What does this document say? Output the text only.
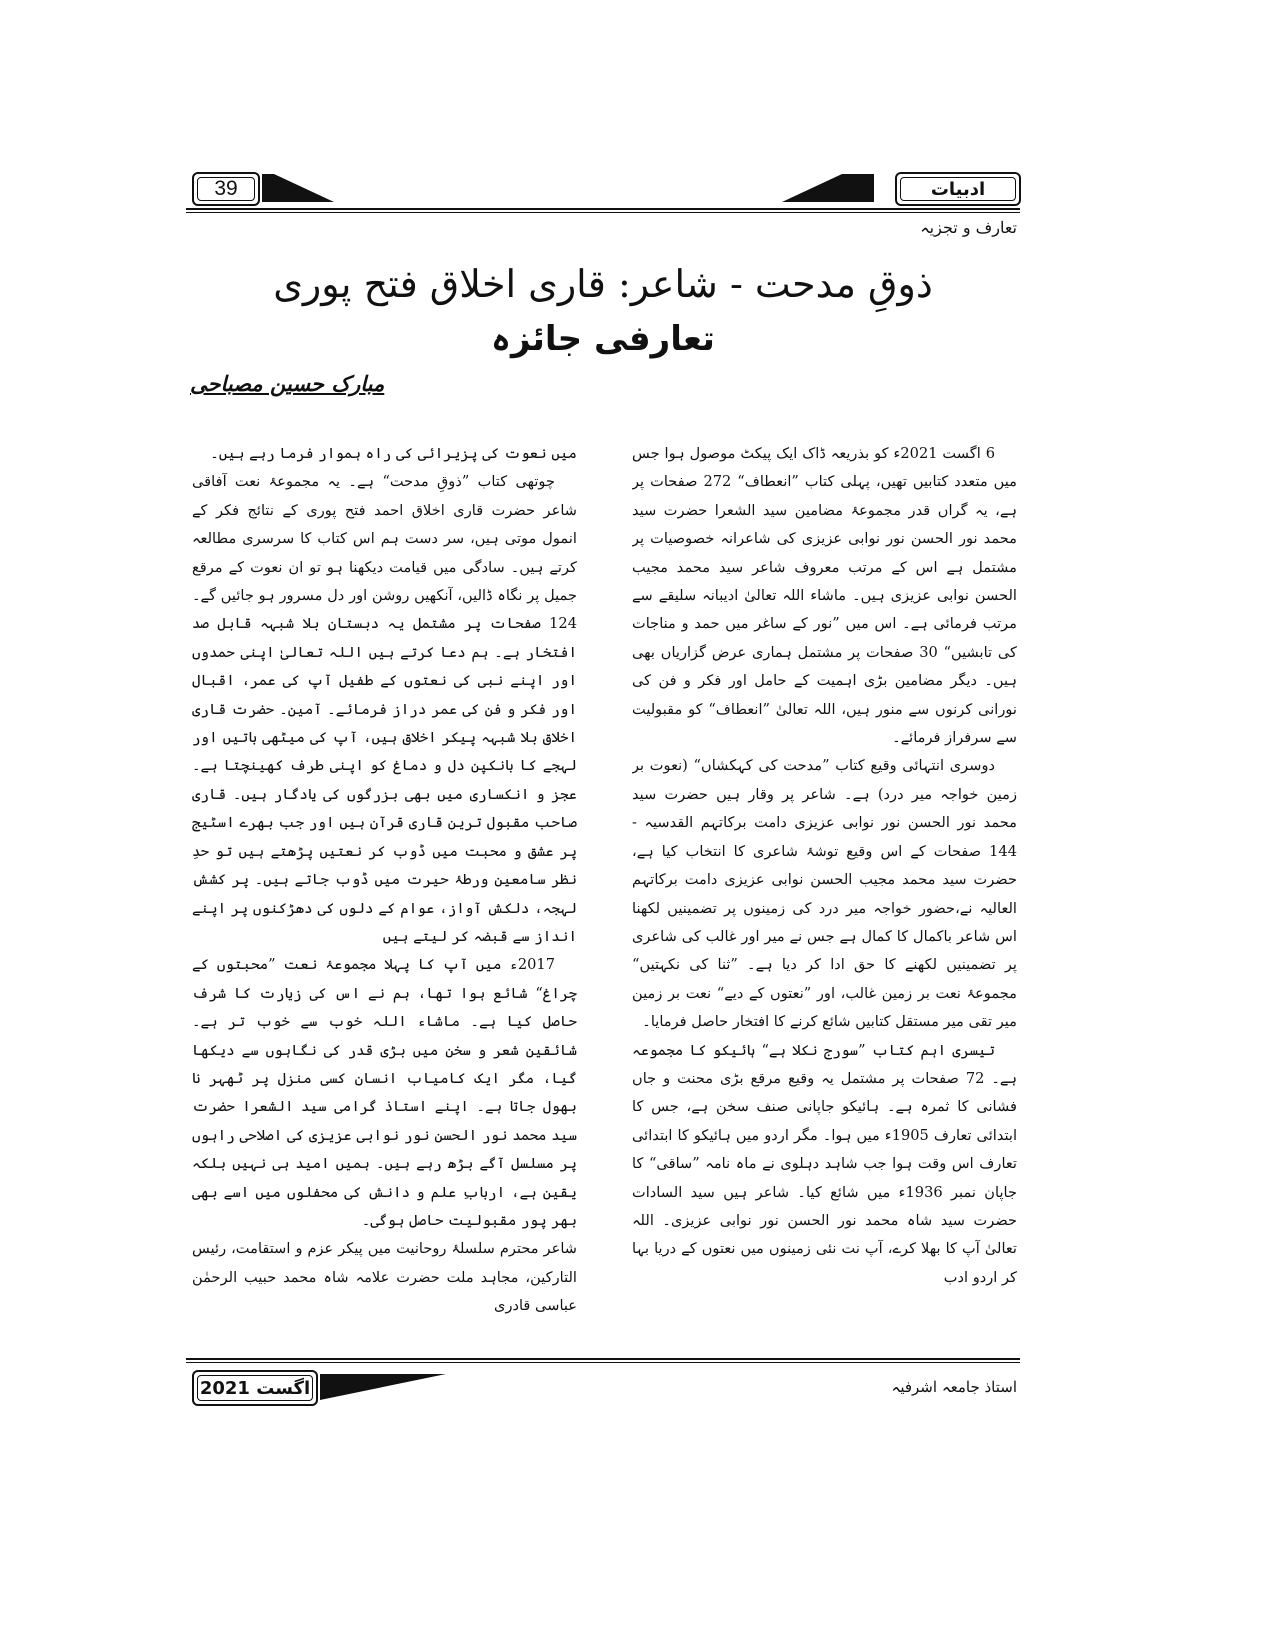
39	ادبیات
تعارف و تجزیہ
ذوقِ مدحت - شاعر: قاری اخلاق فتح پوری
تعارفی جائزہ
مبارک حسین مصباحی

6 اگست 2021ء کو بذریعہ ڈاک ایک پیکٹ موصول ہوا جس میں متعدد کتابیں تھیں، پہلی کتاب ”انعطاف“ 272 صفحات پر ہے، یہ گراں قدر مجموعۂ مضامین سید الشعرا حضرت سید محمد نور الحسن نور نوابی عزیزی کی شاعرانہ خصوصیات پر مشتمل ہے اس کے مرتب معروف شاعر سید محمد مجیب الحسن نوابی عزیزی ہیں۔ ماشاء اللہ تعالیٰ ادیبانہ سلیقے سے مرتب فرمائی ہے۔ اس میں ”نور کے ساغر میں حمد و مناجات کی تابشیں“ 30 صفحات پر مشتمل ہماری عرض گزاریاں بھی ہیں۔ دیگر مضامین بڑی اہمیت کے حامل اور فکر و فن کی نورانی کرنوں سے منور ہیں، اللہ تعالیٰ ”انعطاف“ کو مقبولیت سے سرفراز فرمائے۔

دوسری انتہائی وقیع کتاب ”مدحت کی کہکشاں“ (نعوت بر زمین خواجہ میر درد) ہے۔ شاعر پر وقار ہیں حضرت سید محمد نور الحسن نور نوابی عزیزی دامت برکاتہم القدسیہ - 144 صفحات کے اس وقیع توشۂ شاعری کا انتخاب کیا ہے، حضرت سید محمد مجیب الحسن نوابی عزیزی دامت برکاتہم العالیہ نے،حضور خواجہ میر درد کی زمینوں پر تضمینیں لکھنا اس شاعر باکمال کا کمال ہے جس نے میر اور غالب کی شاعری پر تضمینیں لکھنے کا حق ادا کر دیا ہے۔ ”ثنا کی نکہتیں“ مجموعۂ نعت بر زمین غالب، اور ”نعتوں کے دیے“ نعت بر زمین میر تقی میر مستقل کتابیں شائع کرنے کا افتخار حاصل فرمایا۔

تیسری اہم کتاب ”سورج نکلا ہے“ ہائیکو کا مجموعہ ہے۔ 72 صفحات پر مشتمل یہ وقیع مرقع بڑی محنت و جاں فشانی کا ثمرہ ہے۔ ہائیکو جاپانی صنف سخن ہے، جس کا ابتدائی تعارف 1905ء میں ہوا۔ مگر اردو میں ہائیکو کا ابتدائی تعارف اس وقت ہوا جب شاہد دہلوی نے ماہ نامہ ”ساقی“ کا جاپان نمبر 1936ء میں شائع کیا۔ شاعر ہیں سید السادات حضرت سید شاہ محمد نور الحسن نور نوابی عزیزی۔ اللہ تعالیٰ آپ کا بھلا کرے، آپ نت نئی زمینوں میں نعتوں کے دریا بہا کر اردو ادب

میں نعوت کی پزیرائی کی راہ ہموار فرما رہے ہیں۔

چوتھی کتاب ”ذوقِ مدحت“ ہے۔ یہ مجموعۂ نعت آفاقی شاعر حضرت قاری اخلاق احمد فتح پوری کے نتائج فکر کے انمول موتی ہیں، سر دست ہم اس کتاب کا سرسری مطالعہ کرتے ہیں۔ سادگی میں قیامت دیکھنا ہو تو ان نعوت کے مرقع جمیل پر نگاہ ڈالیں، آنکھیں روشن اور دل مسرور ہو جائیں گے۔ 124 صفحات پر مشتمل یہ دبستان بلا شبہہ قابل صد افتخار ہے۔ ہم دعا کرتے ہیں اللہ تعالیٰ اپنی حمدوں اور اپنے نبی کی نعتوں کے طفیل آپ کی عمر، اقبال اور فکر و فن کی عمر دراز فرمائے۔ آمین۔ حضرت قاری اخلاق بلا شبہہ پیکر اخلاق ہیں، آپ کی میٹھی باتیں اور لہجے کا بانکپن دل و دماغ کو اپنی طرف کھینچتا ہے۔ عجز و انکساری میں بھی بزرگوں کی یادگار ہیں۔ قاری صاحب مقبول ترین قاری قرآن ہیں اور جب بھرے اسٹیج پر عشق و محبت میں ڈوب کر نعتیں پڑھتے ہیں تو حدِ نظر سامعین ورطۂ حیرت میں ڈوب جاتے ہیں۔ پر کشش لہجہ، دلکش آواز، عوام کے دلوں کی دھڑکنوں پر اپنے انداز سے قبضہ کر لیتے ہیں

2017ء میں آپ کا پہلا مجموعۂ نعت ”محبتوں کے چراغ“ شائع ہوا تھا، ہم نے اس کی زیارت کا شرف حاصل کیا ہے۔ ماشاء اللہ خوب سے خوب تر ہے۔ شائقین شعر و سخن میں بڑی قدر کی نگاہوں سے دیکھا گیا، مگر ایک کامیاب انسان کسی منزل پر ٹھہر نا بھول جاتا ہے۔ اپنے استاذ گرامی سید الشعرا حضرت سید محمد نور الحسن نور نوابی عزیزی کی اصلاحی راہوں پر مسلسل آگے بڑھ رہے ہیں۔ ہمیں امید ہی نہیں بلکہ یقین ہے، اربابِ علم و دانش کی محفلوں میں اسے بھی بھر پور مقبولیت حاصل ہوگی۔

شاعر محترم سلسلۂ روحانیت میں پیکر عزم و استقامت، رئیس التارکین، مجاہد ملت حضرت علامہ شاہ محمد حبیب الرحمٰن عباسی قادری

اگست 2021	استاذ جامعہ اشرفیہ
